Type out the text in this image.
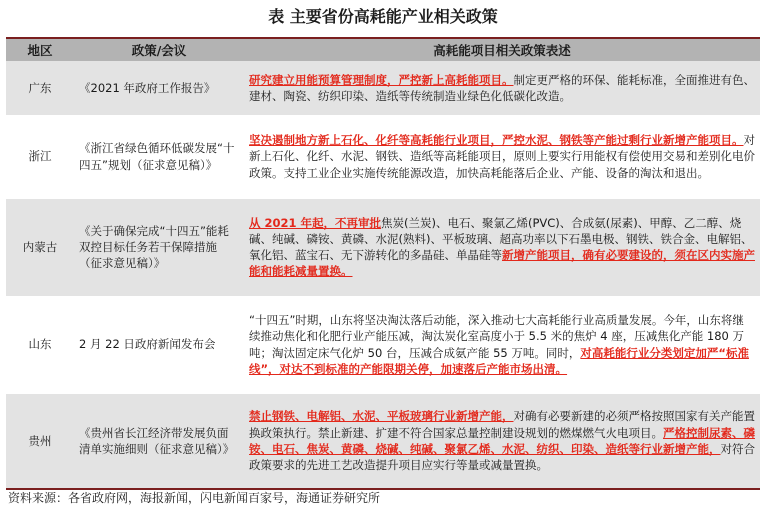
表 主要省份高耗能产业相关政策
地区	政策/会议	高耗能项目相关政策表述
广东	《2021 年政府工作报告》	研究建立用能预算管理制度，严控新上高耗能项目。制定更严格的环保、能耗标准，全面推进有色、建材、陶瓷、纺织印染、造纸等传统制造业绿色化低碳化改造。
浙江	《浙江省绿色循环低碳发展“十四五”规划（征求意见稿）》	坚决遏制地方新上石化、化纤等高耗能行业项目，严控水泥、钢铁等产能过剩行业新增产能项目。对新上石化、化纤、水泥、钢铁、造纸等高耗能项目，原则上要实行用能权有偿使用交易和差别化电价政策。支持工业企业实施传统能源改造，加快高耗能落后企业、产能、设备的淘汰和退出。
内蒙古	《关于确保完成“十四五”能耗双控目标任务若干保障措施（征求意见稿）》	从 2021 年起，不再审批焦炭(兰炭)、电石、聚氯乙烯(PVC)、合成氨(尿素)、甲醇、乙二醇、烧碱、纯碱、磷铵、黄磷、水泥(熟料)、平板玻璃、超高功率以下石墨电极、钢铁、铁合金、电解铝、氧化铝、蓝宝石、无下游转化的多晶硅、单晶硅等新增产能项目，确有必要建设的，须在区内实施产能和能耗减量置换。
山东	2 月 22 日政府新闻发布会	“十四五”时期，山东将坚决淘汰落后动能，深入推动七大高耗能行业高质量发展。今年，山东将继续推动焦化和化肥行业产能压减，淘汰炭化室高度小于 5.5 米的焦炉 4 座，压减焦化产能 180 万吨；淘汰固定床气化炉 50 台，压减合成氨产能 55 万吨。同时，对高耗能行业分类划定加严“标准线”，对达不到标准的产能限期关停，加速落后产能市场出清。
贵州	《贵州省长江经济带发展负面清单实施细则（征求意见稿）》	禁止钢铁、电解铝、水泥、平板玻璃行业新增产能，对确有必要新建的必须严格按照国家有关产能置换政策执行。禁止新建、扩建不符合国家总量控制建设规划的燃煤燃气火电项目。严格控制尿素、磷铵、电石、焦炭、黄磷、烧碱、纯碱、聚氯乙烯、水泥、纺织、印染、造纸等行业新增产能，对符合政策要求的先进工艺改造提升项目应实行等量或减量置换。
资料来源：各省政府网，海报新闻，闪电新闻百家号，海通证券研究所
